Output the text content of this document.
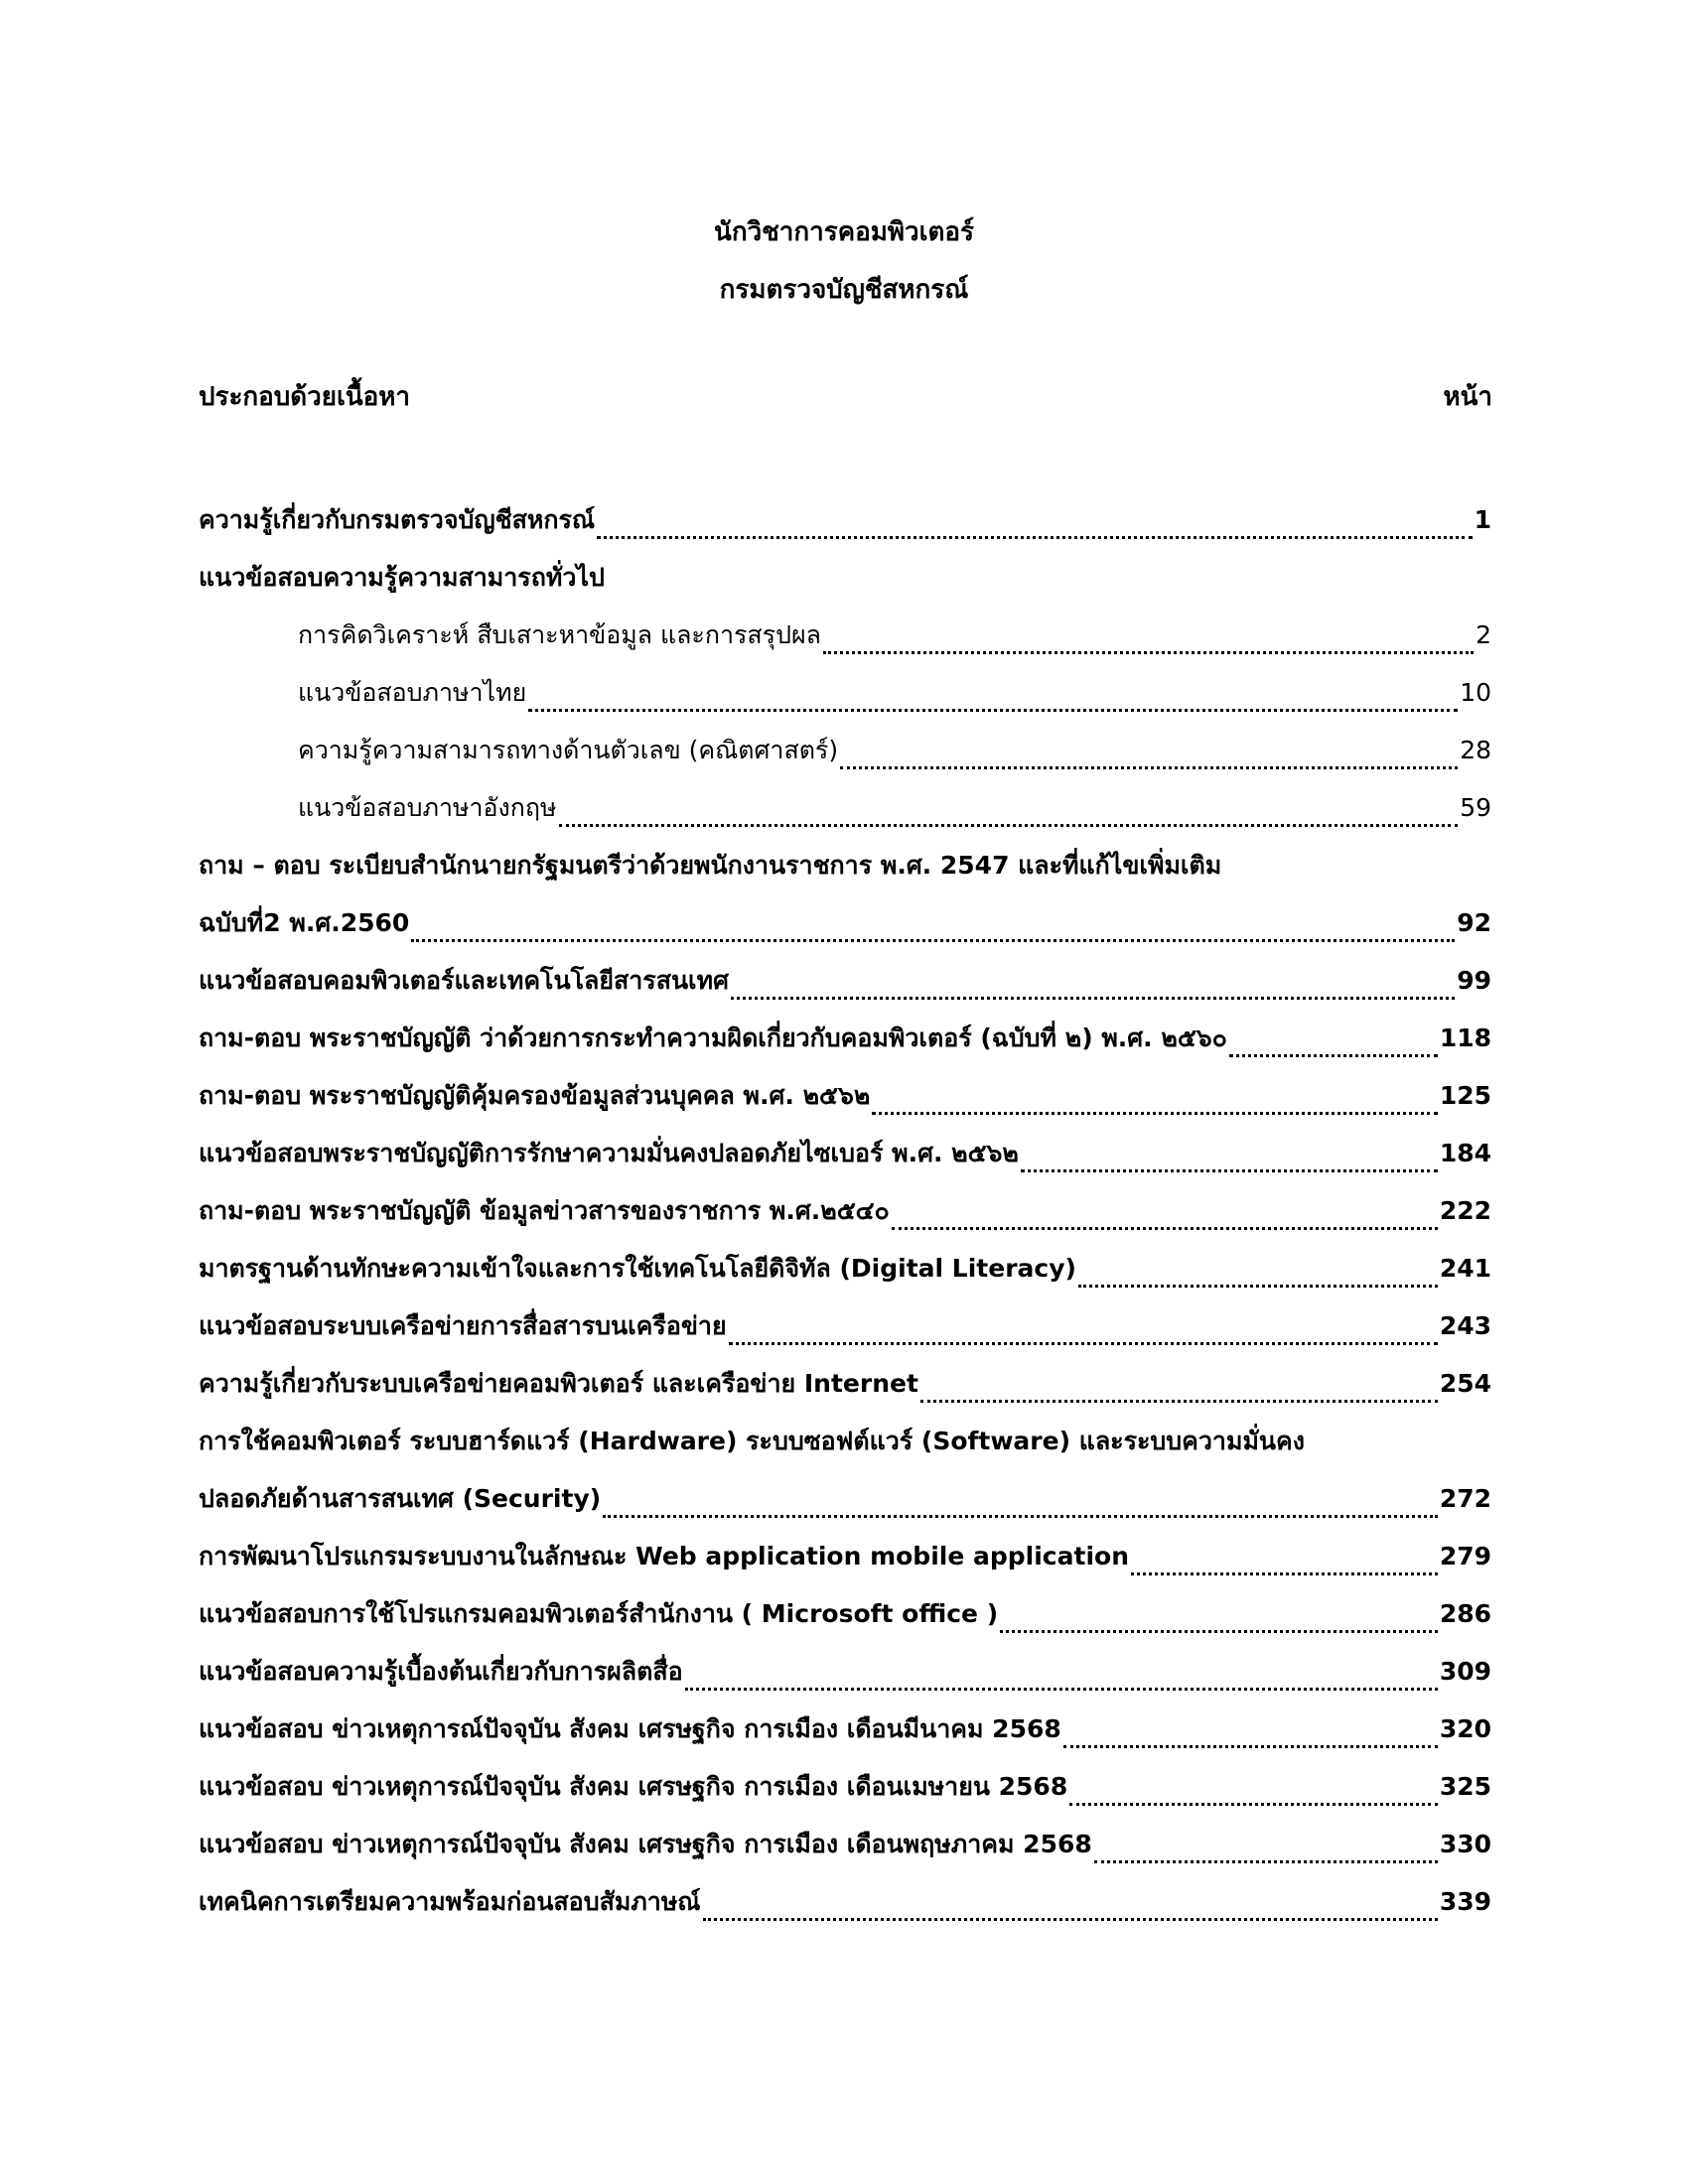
นักวิชาการคอมพิวเตอร์
กรมตรวจบัญชีสหกรณ์
ประกอบด้วยเนื้อหา	หน้า
ความรู้เกี่ยวกับกรมตรวจบัญชีสหกรณ์	1
แนวข้อสอบความรู้ความสามารถทั่วไป
การคิดวิเคราะห์ สืบเสาะหาข้อมูล และการสรุปผล	2
แนวข้อสอบภาษาไทย	10
ความรู้ความสามารถทางด้านตัวเลข (คณิตศาสตร์)	28
แนวข้อสอบภาษาอังกฤษ	59
ถาม – ตอบ ระเบียบสำนักนายกรัฐมนตรีว่าด้วยพนักงานราชการ พ.ศ. 2547 และที่แก้ไขเพิ่มเติม
ฉบับที่2 พ.ศ.2560	92
แนวข้อสอบคอมพิวเตอร์และเทคโนโลยีสารสนเทศ	99
ถาม-ตอบ พระราชบัญญัติ ว่าด้วยการกระทำความผิดเกี่ยวกับคอมพิวเตอร์ (ฉบับที่ ๒) พ.ศ. ๒๕๖๐	118
ถาม-ตอบ พระราชบัญญัติคุ้มครองข้อมูลส่วนบุคคล พ.ศ. ๒๕๖๒	125
แนวข้อสอบพระราชบัญญัติการรักษาความมั่นคงปลอดภัยไซเบอร์ พ.ศ. ๒๕๖๒	184
ถาม-ตอบ พระราชบัญญัติ ข้อมูลข่าวสารของราชการ พ.ศ.๒๕๔๐	222
มาตรฐานด้านทักษะความเข้าใจและการใช้เทคโนโลยีดิจิทัล (Digital Literacy)	241
แนวข้อสอบระบบเครือข่ายการสื่อสารบนเครือข่าย	243
ความรู้เกี่ยวกับระบบเครือข่ายคอมพิวเตอร์ และเครือข่าย Internet	254
การใช้คอมพิวเตอร์ ระบบฮาร์ดแวร์ (Hardware) ระบบซอฟต์แวร์ (Software) และระบบความมั่นคง
ปลอดภัยด้านสารสนเทศ (Security)	272
การพัฒนาโปรแกรมระบบงานในลักษณะ Web application mobile application	279
แนวข้อสอบการใช้โปรแกรมคอมพิวเตอร์สำนักงาน ( Microsoft office )	286
แนวข้อสอบความรู้เบื้องต้นเกี่ยวกับการผลิตสื่อ	309
แนวข้อสอบ ข่าวเหตุการณ์ปัจจุบัน สังคม เศรษฐกิจ การเมือง เดือนมีนาคม 2568	320
แนวข้อสอบ ข่าวเหตุการณ์ปัจจุบัน สังคม เศรษฐกิจ การเมือง เดือนเมษายน 2568	325
แนวข้อสอบ ข่าวเหตุการณ์ปัจจุบัน สังคม เศรษฐกิจ การเมือง เดือนพฤษภาคม 2568	330
เทคนิคการเตรียมความพร้อมก่อนสอบสัมภาษณ์	339
